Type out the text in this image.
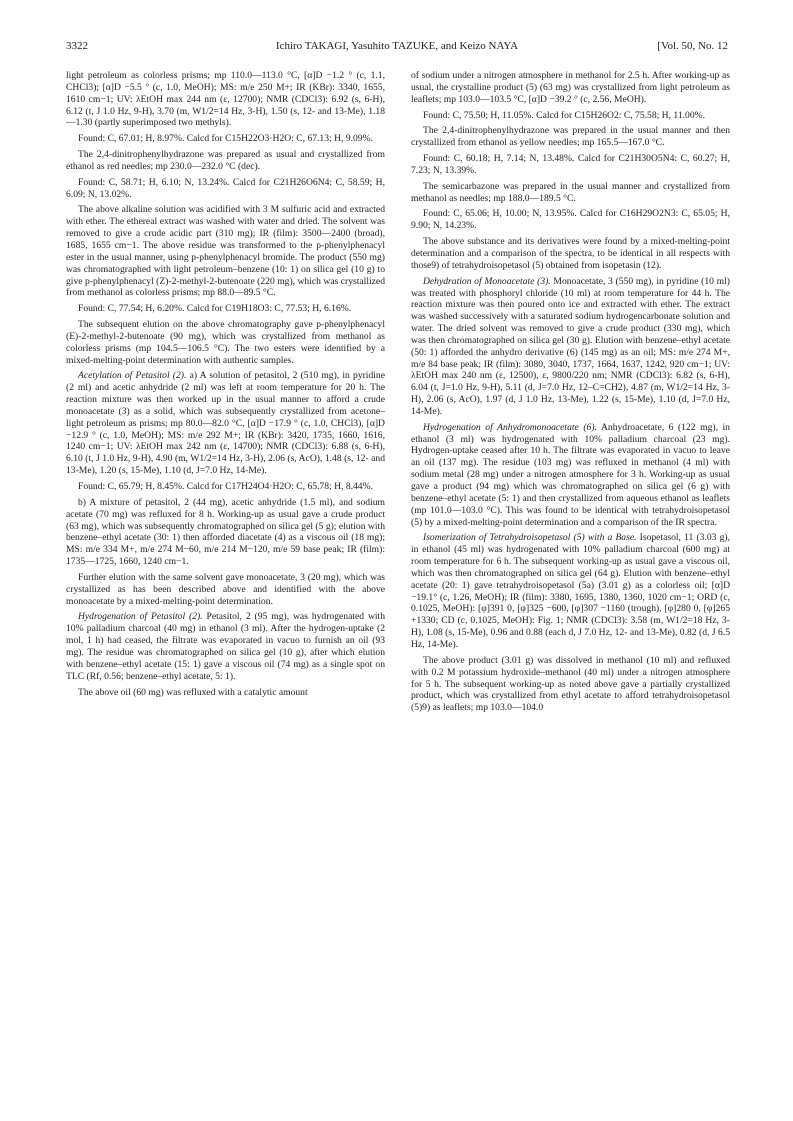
3322	Ichiro TAKAGI, Yasuhito TAZUKE, and Keizo NAYA	[Vol. 50, No. 12

light petroleum as colorless prisms; mp 110.0—113.0 °C, [α]D −1.2 ° (c, 1.1, CHCl3); [α]D −5.5 ° (c, 1.0, MeOH); MS: m/e 250 M+; IR (KBr): 3340, 1655, 1610 cm−1; UV: λEtOH max 244 nm (ε, 12700); NMR (CDCl3): 6.92 (s, 6-H), 6.12 (t, J 1.0 Hz, 9-H), 3.70 (m, W1/2=14 Hz, 3-H), 1.50 (s, 12- and 13-Me), 1.18—1.30 (partly superimposed two methyls).

Found: C, 67.01; H, 8.97%. Calcd for C15H22O3·H2O: C, 67.13; H, 9.09%.

The 2,4-dinitrophenylhydrazone was prepared as usual and crystallized from ethanol as red needles; mp 230.0—232.0 °C (dec).

Found: C, 58.71; H, 6.10; N, 13.24%. Calcd for C21H26O6N4: C, 58.59; H, 6.09; N, 13.02%.

The above alkaline solution was acidified with 3 M sulfuric acid and extracted with ether. The ethereal extract was washed with water and dried. The solvent was removed to give a crude acidic part (310 mg); IR (film): 3500—2400 (broad), 1685, 1655 cm−1. The above residue was transformed to the p-phenylphenacyl ester in the usual manner, using p-phenylphenacyl bromide. The product (550 mg) was chromatographed with light petroleum–benzene (10: 1) on silica gel (10 g) to give p-phenylphenacyl (Z)-2-methyl-2-butenoate (220 mg), which was crystallized from methanol as colorless prisms; mp 88.0—89.5 °C.

Found: C, 77.54; H, 6.20%. Calcd for C19H18O3: C, 77.53; H, 6.16%.

The subsequent elution on the above chromatography gave p-phenylphenacyl (E)-2-methyl-2-butenoate (90 mg), which was crystallized from methanol as colorless prisms (mp 104.5—106.5 °C). The two esters were identified by a mixed-melting-point determination with authentic samples.

Acetylation of Petasitol (2). a) A solution of petasitol, 2 (510 mg), in pyridine (2 ml) and acetic anhydride (2 ml) was left at room temperature for 20 h. The reaction mixture was then worked up in the usual manner to afford a crude monoacetate (3) as a solid, which was subsequently crystallized from acetone–light petroleum as prisms; mp 80.0—82.0 °C, [α]D −17.9 ° (c, 1.0, CHCl3), [α]D −12.9 ° (c, 1.0, MeOH); MS: m/e 292 M+; IR (KBr): 3420, 1735, 1660, 1616, 1240 cm−1; UV: λEtOH max 242 nm (ε, 14700); NMR (CDCl3): 6.88 (s, 6-H), 6.10 (t, J 1.0 Hz, 9-H), 4.90 (m, W1/2=14 Hz, 3-H), 2.06 (s, AcO), 1.48 (s, 12- and 13-Me), 1.20 (s, 15-Me), 1.10 (d, J=7.0 Hz, 14-Me).

Found: C, 65.79; H, 8.45%. Calcd for C17H24O4·H2O: C, 65.78; H, 8.44%.

b) A mixture of petasitol, 2 (44 mg), acetic anhydride (1.5 ml), and sodium acetate (70 mg) was refluxed for 8 h. Working-up as usual gave a crude product (63 mg), which was subsequently chromatographed on silica gel (5 g); elution with benzene–ethyl acetate (30: 1) then afforded diacetate (4) as a viscous oil (18 mg); MS: m/e 334 M+, m/e 274 M−60, m/e 214 M−120, m/e 59 base peak; IR (film): 1735—1725, 1660, 1240 cm−1.

Further elution with the same solvent gave monoacetate, 3 (20 mg), which was crystallized as has been described above and identified with the above monoacetate by a mixed-melting-point determination.

Hydrogenation of Petasitol (2). Petasitol, 2 (95 mg), was hydrogenated with 10% palladium charcoal (40 mg) in ethanol (3 ml). After the hydrogen-uptake (2 mol, 1 h) had ceased, the filtrate was evaporated in vacuo to furnish an oil (93 mg). The residue was chromatographed on silica gel (10 g), after which elution with benzene–ethyl acetate (15: 1) gave a viscous oil (74 mg) as a single spot on TLC (Rf, 0.56; benzene–ethyl acetate, 5: 1).

The above oil (60 mg) was refluxed with a catalytic amount

of sodium under a nitrogen atmosphere in methanol for 2.5 h. After working-up as usual, the crystalline product (5) (63 mg) was crystallized from light petroleum as leaflets; mp 103.0—103.5 °C, [α]D −39.2 ° (c, 2.56, MeOH).

Found: C, 75.50; H, 11.05%. Calcd for C15H26O2: C, 75.58; H, 11.00%.

The 2,4-dinitrophenylhydrazone was prepared in the usual manner and then crystallized from ethanol as yellow needles; mp 165.5—167.0 °C.

Found: C, 60.18; H, 7.14; N, 13.48%. Calcd for C21H30O5N4: C, 60.27; H, 7.23; N, 13.39%.

The semicarbazone was prepared in the usual manner and crystallized from methanol as needles; mp 188.0—189.5 °C.

Found: C, 65.06; H, 10.00; N, 13.95%. Calcd for C16H29O2N3: C, 65.05; H, 9.90; N, 14.23%.

The above substance and its derivatives were found by a mixed-melting-point determination and a comparison of the spectra, to be identical in all respects with those9) of tetrahydroisopetasol (5) obtained from isopetasin (12).

Dehydration of Monoacetate (3). Monoacetate, 3 (550 mg), in pyridine (10 ml) was treated with phosphoryl chloride (10 ml) at room temperature for 44 h. The reaction mixture was then poured onto ice and extracted with ether. The extract was washed successively with a saturated sodium hydrogencarbonate solution and water. The dried solvent was removed to give a crude product (330 mg), which was then chromatographed on silica gel (30 g). Elution with benzene–ethyl acetate (50: 1) afforded the anhydro derivative (6) (145 mg) as an oil; MS: m/e 274 M+, m/e 84 base peak; IR (film): 3080, 3040, 1737, 1664, 1637, 1242, 920 cm−1; UV: λEtOH max 240 nm (ε, 12500), ε, 9800/220 nm; NMR (CDCl3): 6.82 (s, 6-H), 6.04 (t, J=1.0 Hz, 9-H), 5.11 (d, J=7.0 Hz, 12–C=CH2), 4.87 (m, W1/2=14 Hz, 3-H), 2.06 (s, AcO), 1.97 (d, J 1.0 Hz, 13-Me), 1.22 (s, 15-Me), 1.10 (d, J=7.0 Hz, 14-Me).

Hydrogenation of Anhydromonoacetate (6). Anhydroacetate, 6 (122 mg), in ethanol (3 ml) was hydrogenated with 10% palladium charcoal (23 mg). Hydrogen-uptake ceased after 10 h. The filtrate was evaporated in vacuo to leave an oil (137 mg). The residue (103 mg) was refluxed in methanol (4 ml) with sodium metal (28 mg) under a nitrogen atmosphere for 3 h. Working-up as usual gave a product (94 mg) which was chromatographed on silica gel (6 g) with benzene–ethyl acetate (5: 1) and then crystallized from aqueous ethanol as leaflets (mp 101.0—103.0 °C). This was found to be identical with tetrahydroisopetasol (5) by a mixed-melting-point determination and a comparison of the IR spectra.

Isomerization of Tetrahydroisopetasol (5) with a Base. Isopetasol, 11 (3.03 g), in ethanol (45 ml) was hydrogenated with 10% palladium charcoal (600 mg) at room temperature for 6 h. The subsequent working-up as usual gave a viscous oil, which was then chromatographed on silica gel (64 g). Elution with benzene–ethyl acetate (20: 1) gave tetrahydroisopetasol (5a) (3.01 g) as a colorless oil; [α]D −19.1° (c, 1.26, MeOH); IR (film): 3380, 1695, 1380, 1360, 1020 cm−1; ORD (c, 0.1025, MeOH): [φ]391 0, [φ]325 −600, [φ]307 −1160 (trough), [φ]280 0, [φ]265 +1330; CD (c, 0.1025, MeOH): Fig. 1; NMR (CDCl3): 3.58 (m, W1/2=18 Hz, 3-H), 1.08 (s, 15-Me), 0.96 and 0.88 (each d, J 7.0 Hz, 12- and 13-Me), 0.82 (d, J 6.5 Hz, 14-Me).

The above product (3.01 g) was dissolved in methanol (10 ml) and refluxed with 0.2 M potassium hydroxide–methanol (40 ml) under a nitrogen atmosphere for 5 h. The subsequent working-up as noted above gave a partially crystallized product, which was crystallized from ethyl acetate to afford tetrahydroisopetasol (5)9) as leaflets; mp 103.0—104.0
